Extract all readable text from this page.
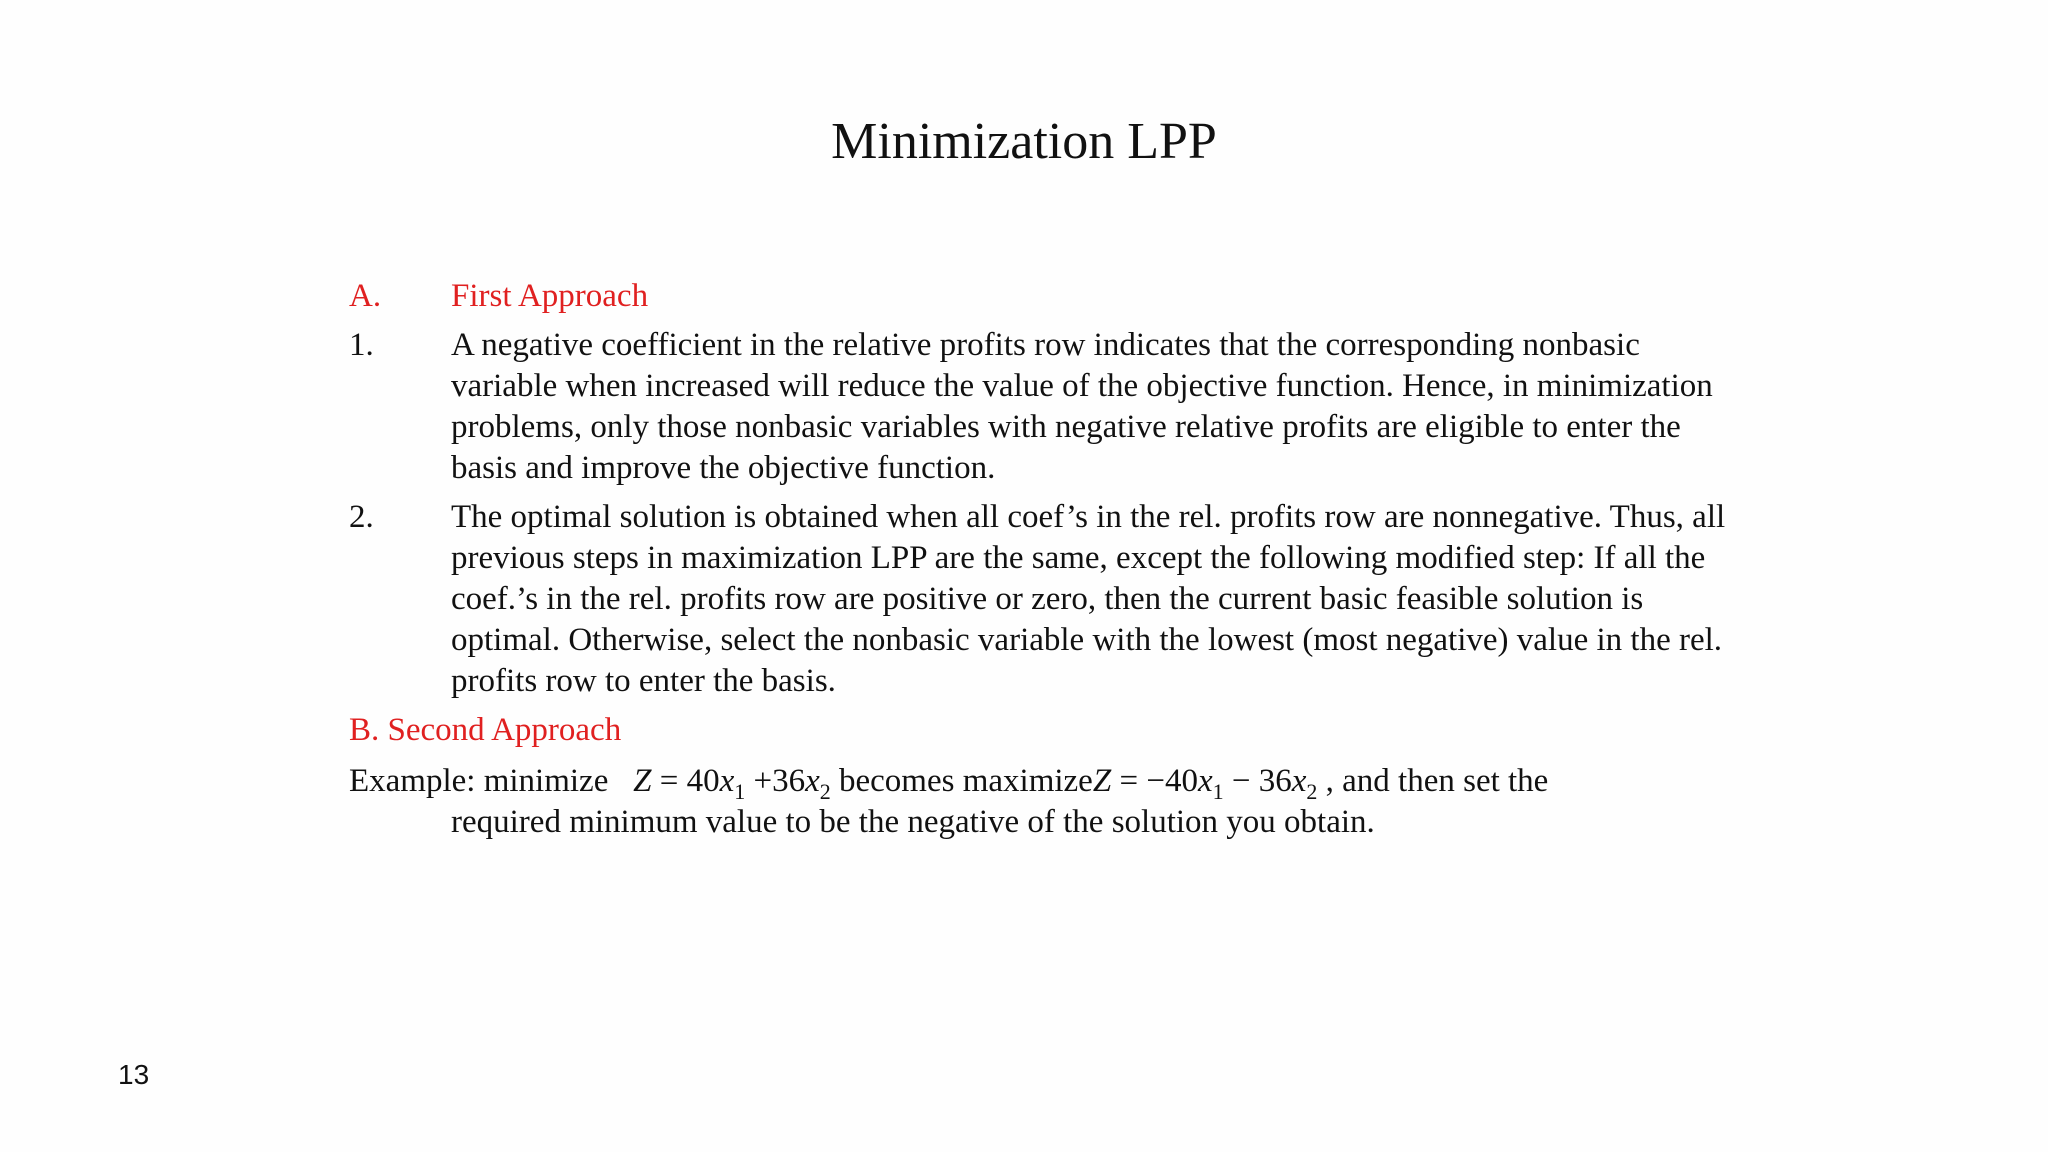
Minimization LPP
A.	First Approach
1.	A negative coefficient in the relative profits row indicates that the corresponding nonbasic variable when increased will reduce the value of the objective function. Hence, in minimization problems, only those nonbasic variables with negative relative profits are eligible to enter the basis and improve the objective function.
2.	The optimal solution is obtained when all coef’s in the rel. profits row are nonnegative. Thus, all previous steps in maximization LPP are the same, except the following modified step: If all the coef.’s in the rel. profits row are positive or zero, then the current basic feasible solution is optimal. Otherwise, select the nonbasic variable with the lowest (most negative) value in the rel. profits row to enter the basis.
B. Second Approach
Example: minimize $Z = 40x_1 +36x_2$ becomes maximizeZ = $-40x_1 - 36x_2$ , and then set the
required minimum value to be the negative of the solution you obtain.
13
